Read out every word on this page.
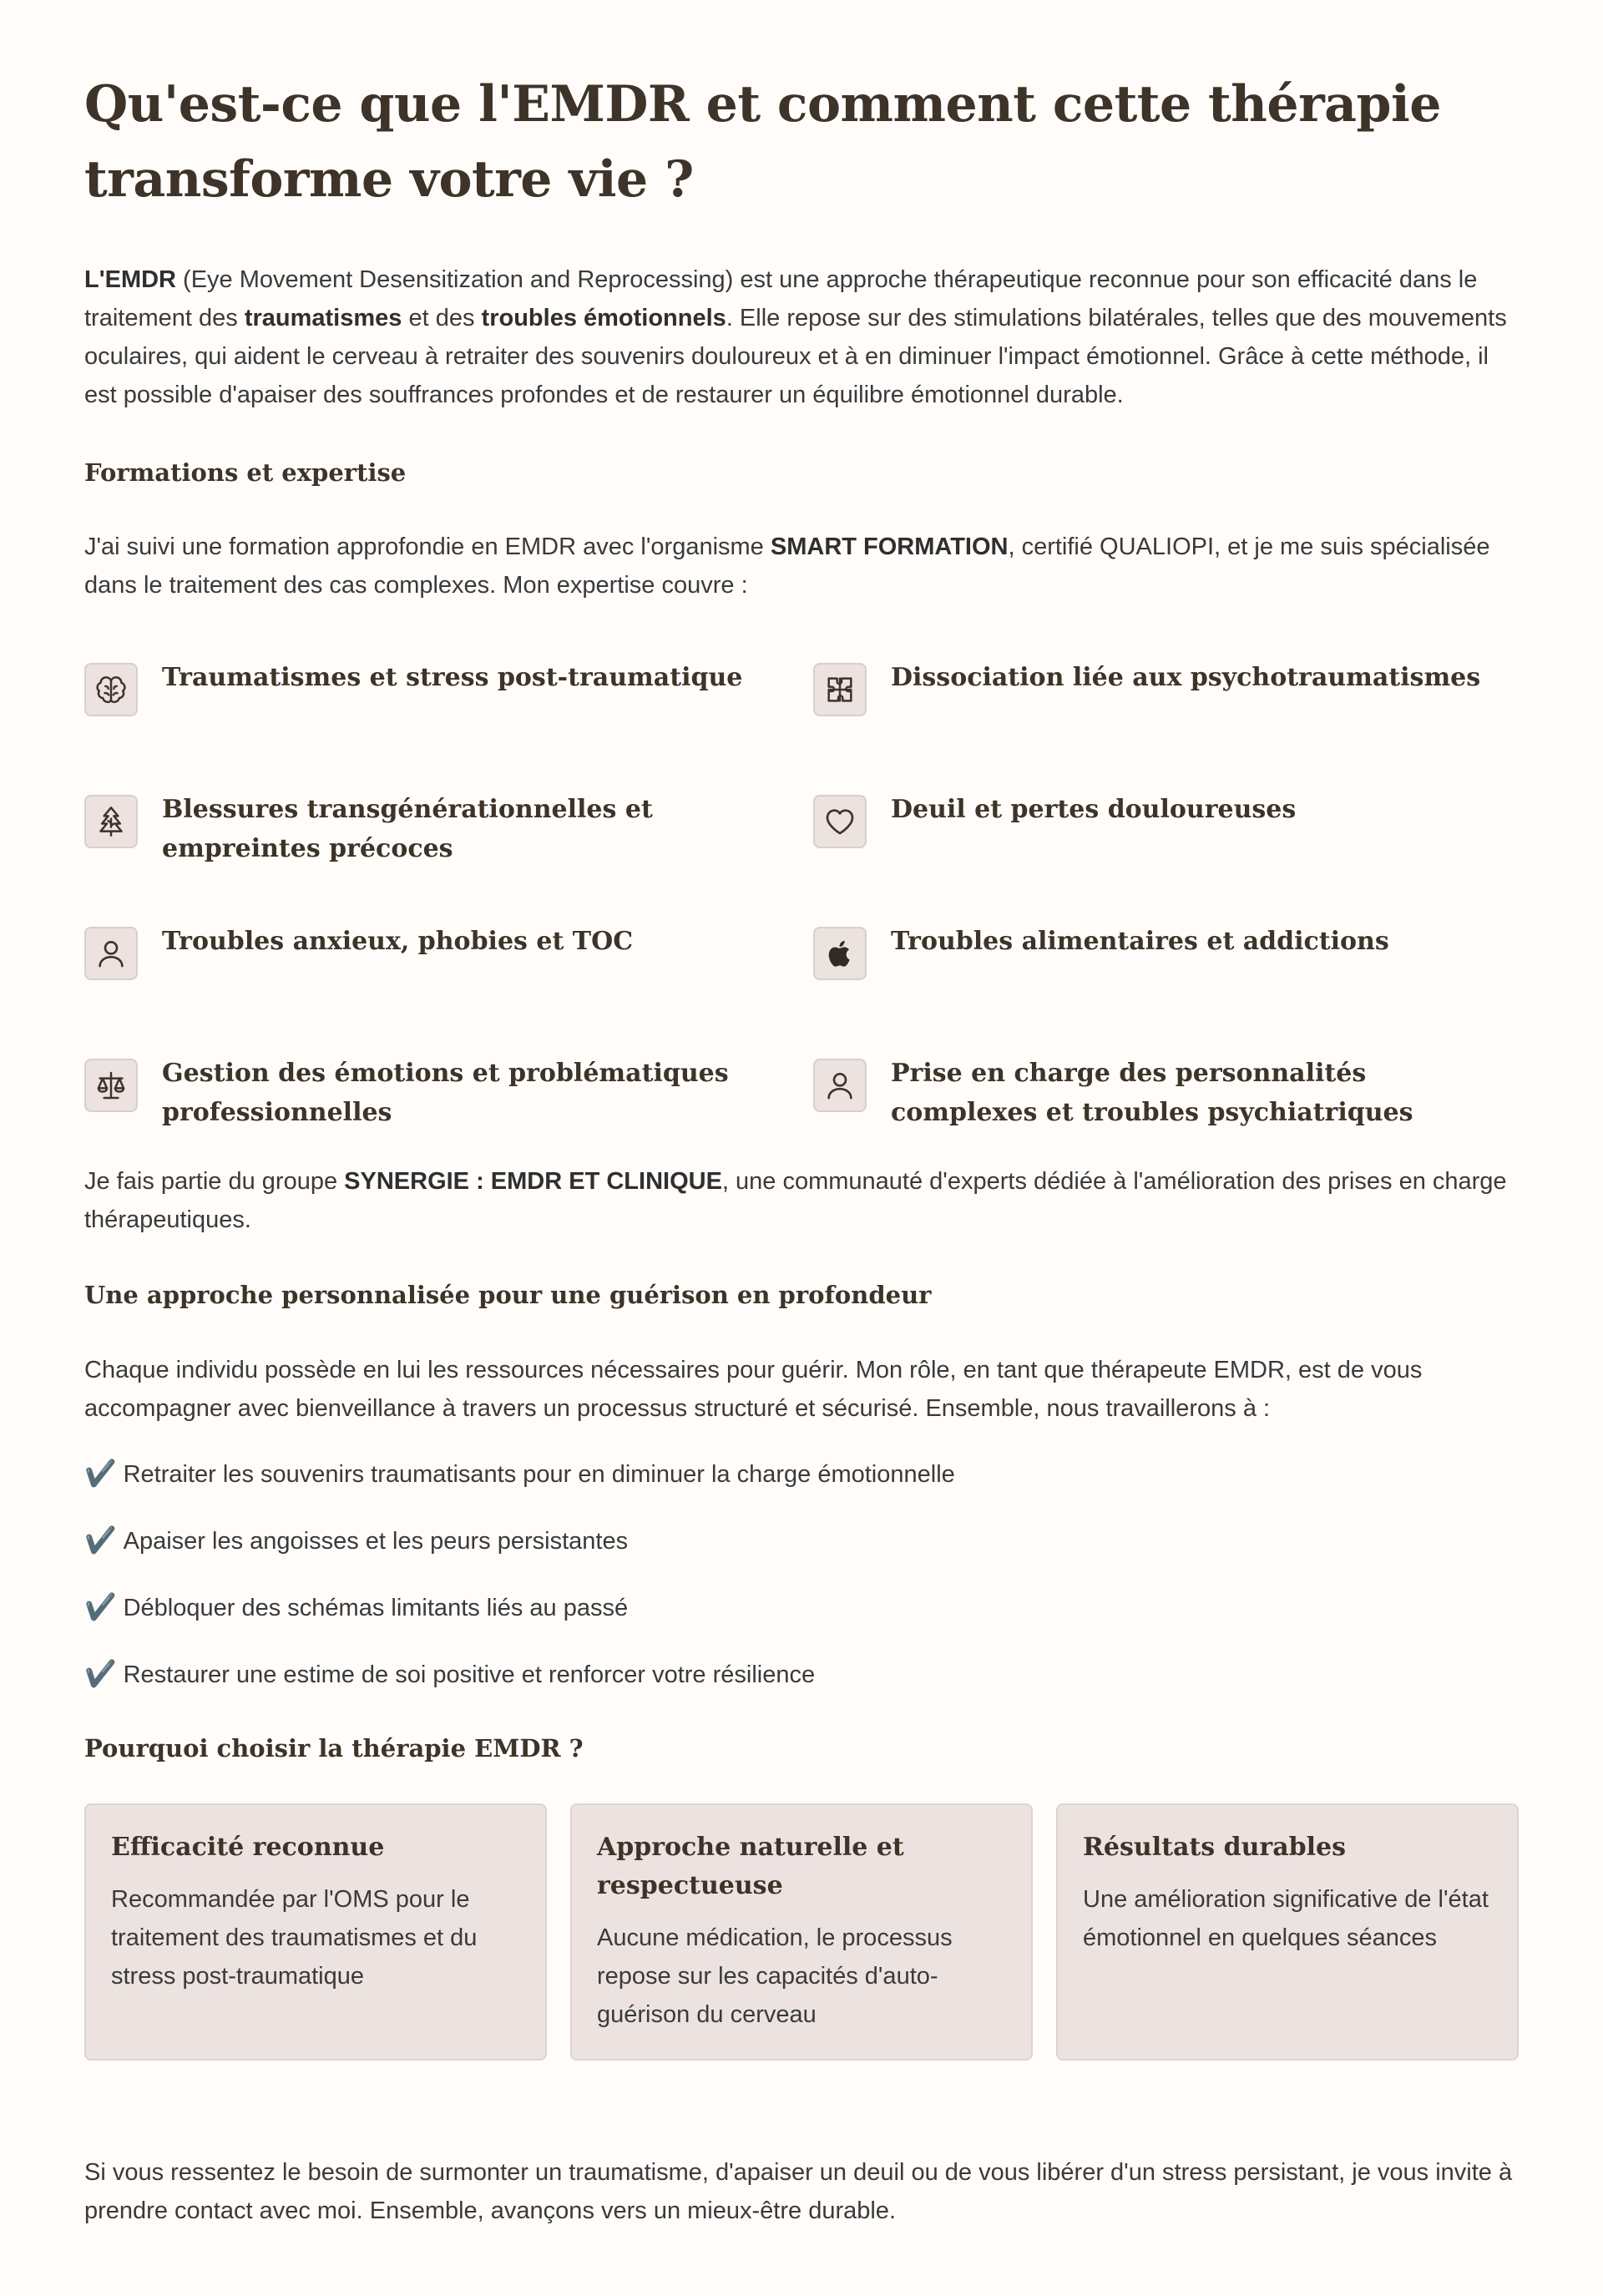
Qu'est-ce que l'EMDR et comment cette thérapie transforme votre vie ?

L'EMDR (Eye Movement Desensitization and Reprocessing) est une approche thérapeutique reconnue pour son efficacité dans le traitement des traumatismes et des troubles émotionnels. Elle repose sur des stimulations bilatérales, telles que des mouvements oculaires, qui aident le cerveau à retraiter des souvenirs douloureux et à en diminuer l'impact émotionnel. Grâce à cette méthode, il est possible d'apaiser des souffrances profondes et de restaurer un équilibre émotionnel durable.

Formations et expertise

J'ai suivi une formation approfondie en EMDR avec l'organisme SMART FORMATION, certifié QUALIOPI, et je me suis spécialisée dans le traitement des cas complexes. Mon expertise couvre :

Traumatismes et stress post-traumatique	Dissociation liée aux psychotraumatismes
Blessures transgénérationnelles et empreintes précoces
Deuil et pertes douloureuses
Troubles anxieux, phobies et TOC	Troubles alimentaires et addictions
Gestion des émotions et problématiques professionnelles
Prise en charge des personnalités complexes et troubles psychiatriques

Je fais partie du groupe SYNERGIE : EMDR ET CLINIQUE, une communauté d'experts dédiée à l'amélioration des prises en charge thérapeutiques.

Une approche personnalisée pour une guérison en profondeur

Chaque individu possède en lui les ressources nécessaires pour guérir. Mon rôle, en tant que thérapeute EMDR, est de vous accompagner avec bienveillance à travers un processus structuré et sécurisé. Ensemble, nous travaillerons à :

✔️ Retraiter les souvenirs traumatisants pour en diminuer la charge émotionnelle
✔️ Apaiser les angoisses et les peurs persistantes
✔️ Débloquer des schémas limitants liés au passé
✔️ Restaurer une estime de soi positive et renforcer votre résilience
Pourquoi choisir la thérapie EMDR ?
Efficacité reconnue
Recommandée par l'OMS pour le traitement des traumatismes et du stress post-traumatique
Approche naturelle et respectueuse
Aucune médication, le processus repose sur les capacités d'auto-guérison du cerveau
Résultats durables
Une amélioration significative de l'état émotionnel en quelques séances

Si vous ressentez le besoin de surmonter un traumatisme, d'apaiser un deuil ou de vous libérer d'un stress persistant, je vous invite à prendre contact avec moi. Ensemble, avançons vers un mieux-être durable.
